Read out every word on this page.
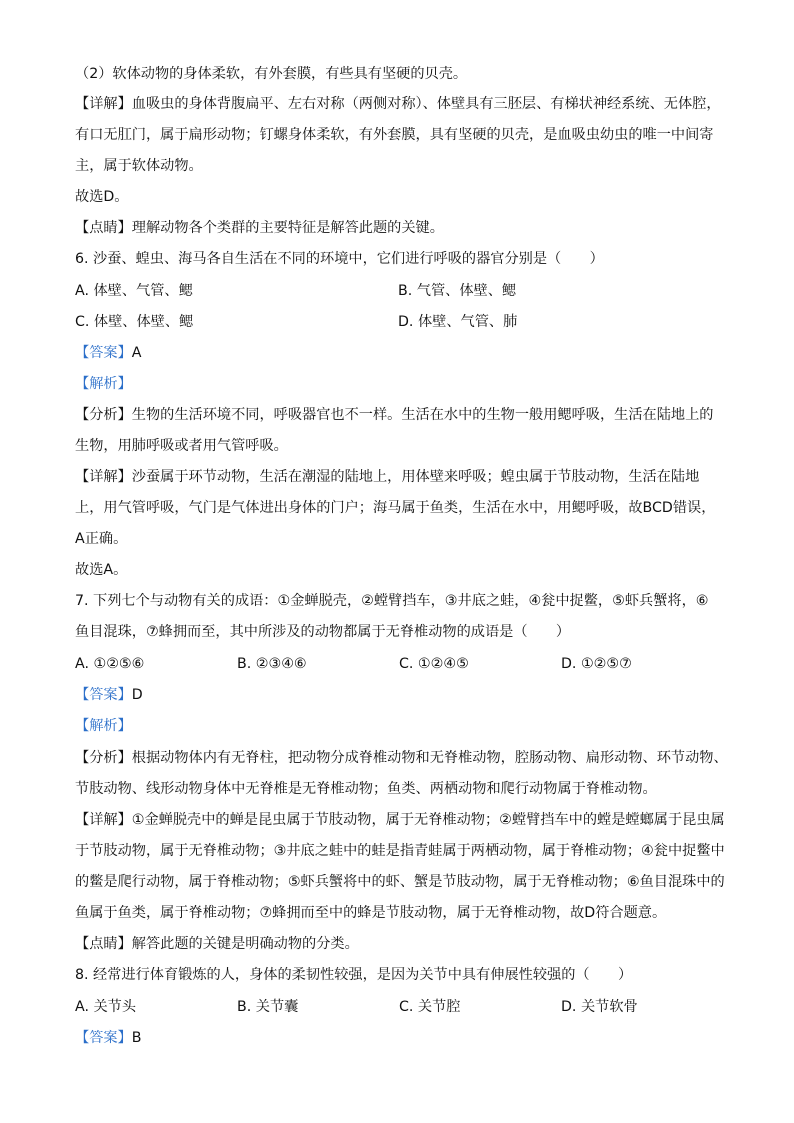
（2）软体动物的身体柔软，有外套膜，有些具有坚硬的贝壳。
【详解】血吸虫的身体背腹扁平、左右对称（两侧对称）、体壁具有三胚层、有梯状神经系统、无体腔，
有口无肛门，属于扁形动物；钉螺身体柔软，有外套膜，具有坚硬的贝壳，是血吸虫幼虫的唯一中间寄
主，属于软体动物。
故选D。
【点睛】理解动物各个类群的主要特征是解答此题的关键。
6. 沙蚕、蝗虫、海马各自生活在不同的环境中，它们进行呼吸的器官分别是（　　）
A. 体壁、气管、鳃	B. 气管、体壁、鳃
C. 体壁、体壁、鳃	D. 体壁、气管、肺
【答案】A
【解析】
【分析】生物的生活环境不同，呼吸器官也不一样。生活在水中的生物一般用鳃呼吸，生活在陆地上的
生物，用肺呼吸或者用气管呼吸。
【详解】沙蚕属于环节动物，生活在潮湿的陆地上，用体壁来呼吸；蝗虫属于节肢动物，生活在陆地
上，用气管呼吸，气门是气体进出身体的门户；海马属于鱼类，生活在水中，用鳃呼吸，故BCD错误，
A正确。
故选A。
7. 下列七个与动物有关的成语：①金蝉脱壳，②螳臂挡车，③井底之蛙，④瓮中捉鳖，⑤虾兵蟹将，⑥
鱼目混珠，⑦蜂拥而至，其中所涉及的动物都属于无脊椎动物的成语是（　　）
A. ①②⑤⑥	B. ②③④⑥	C. ①②④⑤	D. ①②⑤⑦
【答案】D
【解析】
【分析】根据动物体内有无脊柱，把动物分成脊椎动物和无脊椎动物，腔肠动物、扁形动物、环节动物、
节肢动物、线形动物身体中无脊椎是无脊椎动物；鱼类、两栖动物和爬行动物属于脊椎动物。
【详解】①金蝉脱壳中的蝉是昆虫属于节肢动物，属于无脊椎动物；②螳臂挡车中的螳是螳螂属于昆虫属
于节肢动物，属于无脊椎动物；③井底之蛙中的蛙是指青蛙属于两栖动物，属于脊椎动物；④瓮中捉鳖中
的鳖是爬行动物，属于脊椎动物；⑤虾兵蟹将中的虾、蟹是节肢动物，属于无脊椎动物；⑥鱼目混珠中的
鱼属于鱼类，属于脊椎动物；⑦蜂拥而至中的蜂是节肢动物，属于无脊椎动物，故D符合题意。
【点睛】解答此题的关键是明确动物的分类。
8. 经常进行体育锻炼的人，身体的柔韧性较强，是因为关节中具有伸展性较强的（　　）
A. 关节头	B. 关节囊	C. 关节腔	D. 关节软骨
【答案】B
